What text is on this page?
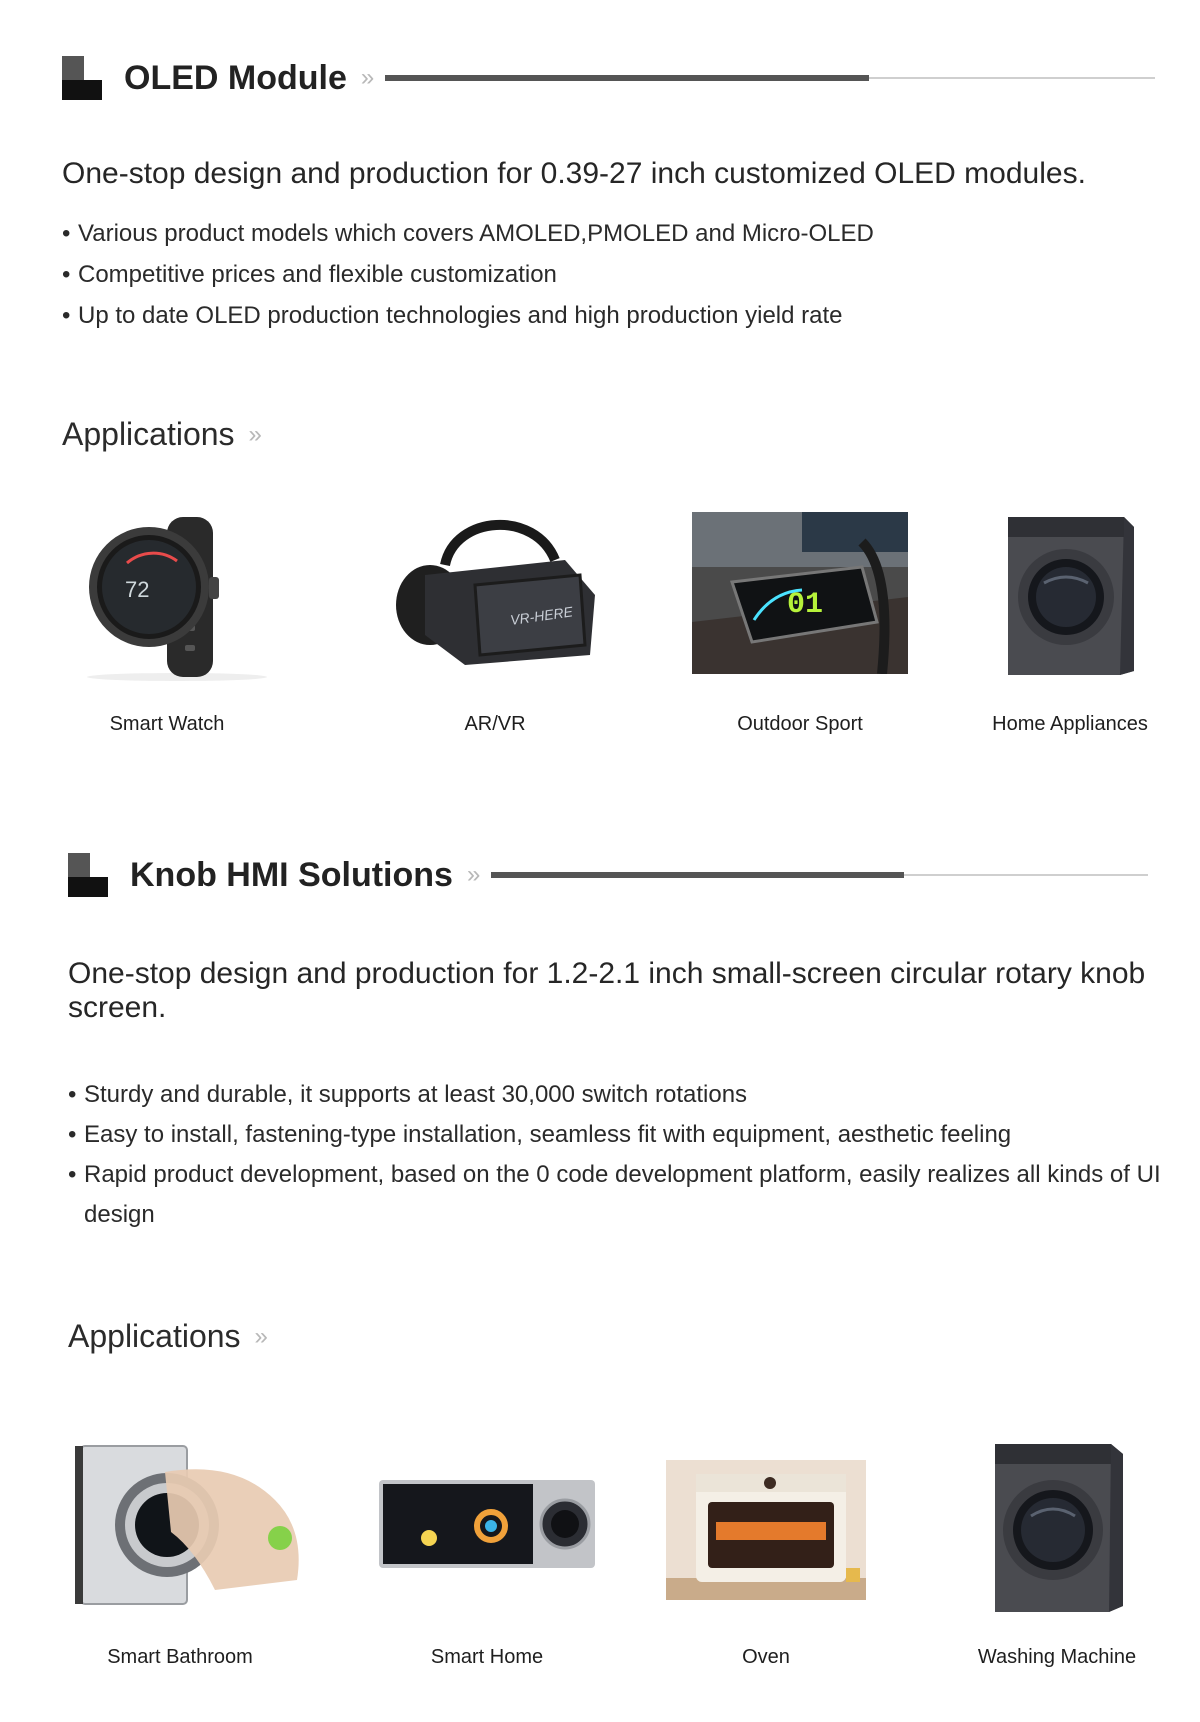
OLED Module »
One-stop design and production for 0.39-27 inch customized OLED modules.
• Various product models which covers AMOLED,PMOLED and Micro-OLED
• Competitive prices and flexible customization
• Up to date OLED production technologies and high production yield rate
Applications »
72
Smart Watch
VR-HERE
AR/VR
01
Outdoor Sport	Home Appliances
Knob HMI Solutions »
One-stop design and production for 1.2-2.1 inch small-screen circular rotary knob screen.
• Sturdy and durable, it supports at least 30,000 switch rotations
• Easy to install, fastening-type installation, seamless fit with equipment, aesthetic feeling
• Rapid product development, based on the 0 code development platform, easily realizes all kinds of UI design
Applications »
Smart Bathroom	Smart Home	Oven	Washing Machine
